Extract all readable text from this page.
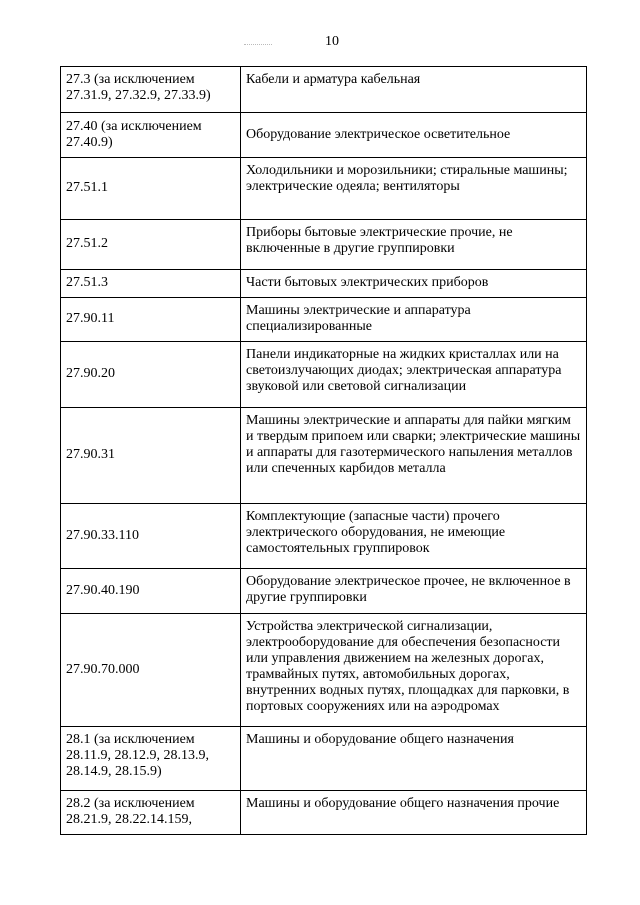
10
27.3 (за исключением 27.31.9, 27.32.9, 27.33.9)	Кабели и арматура кабельная
27.40 (за исключением 27.40.9)	Оборудование электрическое осветительное
27.51.1	Холодильники и морозильники; стиральные машины; электрические одеяла; вентиляторы
27.51.2	Приборы бытовые электрические прочие, не включенные в другие группировки
27.51.3	Части бытовых электрических приборов
27.90.11	Машины электрические и аппаратура специализированные
27.90.20	Панели индикаторные на жидких кристаллах или на светоизлучающих диодах; электрическая аппаратура звуковой или световой сигнализации
27.90.31	Машины электрические и аппараты для пайки мягким и твердым припоем или сварки; электрические машины и аппараты для газотермического напыления металлов или спеченных карбидов металла
27.90.33.110	Комплектующие (запасные части) прочего электрического оборудования, не имеющие самостоятельных группировок
27.90.40.190	Оборудование электрическое прочее, не включенное в другие группировки
27.90.70.000	Устройства электрической сигнализации, электрооборудование для обеспечения безопасности или управления движением на железных дорогах, трамвайных путях, автомобильных дорогах, внутренних водных путях, площадках для парковки, в портовых сооружениях или на аэродромах
28.1 (за исключением 28.11.9, 28.12.9, 28.13.9, 28.14.9, 28.15.9)	Машины и оборудование общего назначения
28.2 (за исключением 28.21.9, 28.22.14.159,	Машины и оборудование общего назначения прочие
